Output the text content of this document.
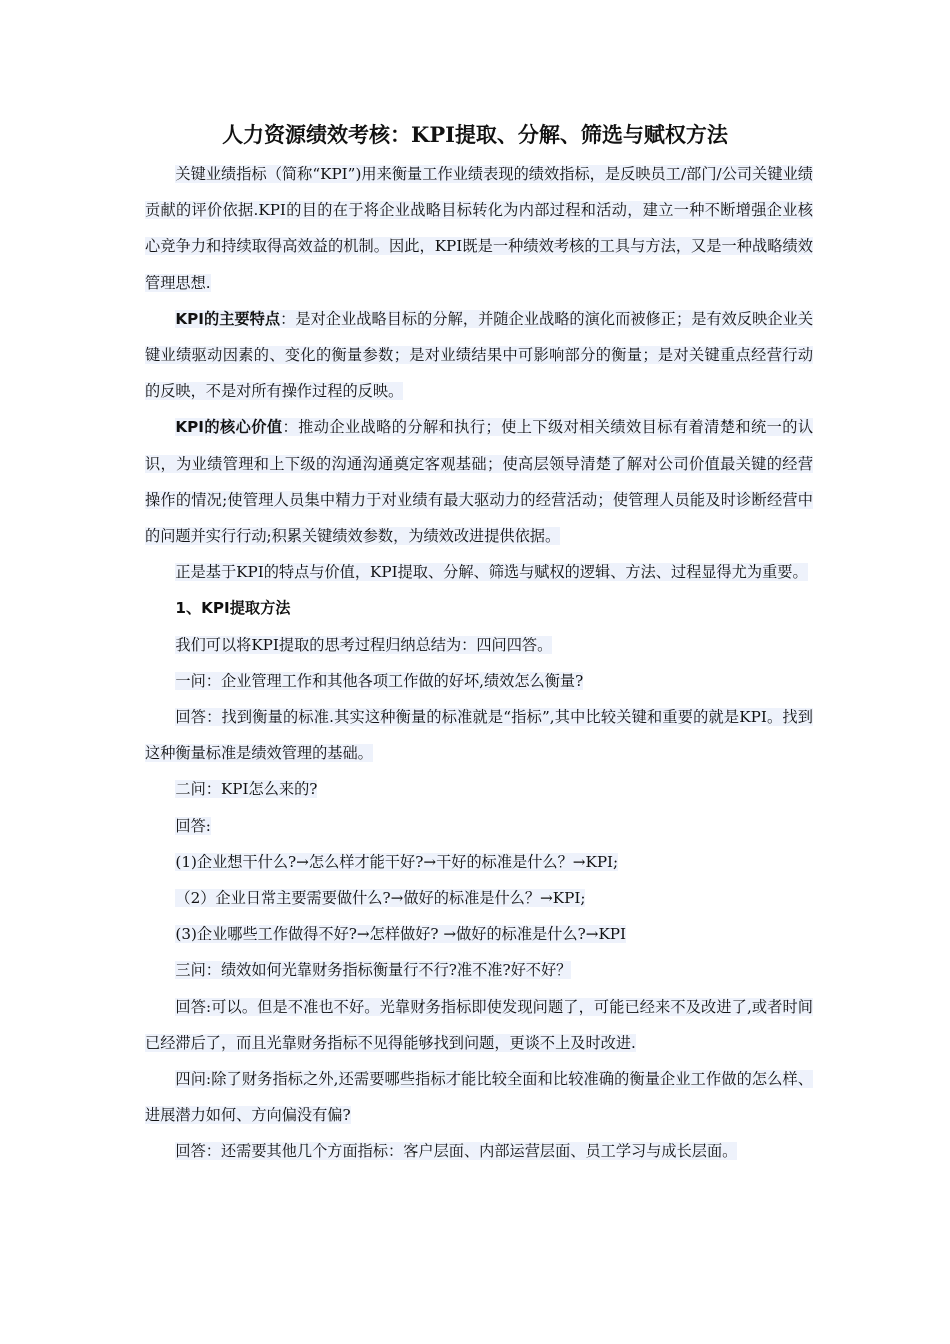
人力资源绩效考核：KPI提取、分解、筛选与赋权方法

关键业绩指标（简称“KPI”)用来衡量工作业绩表现的绩效指标，是反映员工/部门/公司关键业绩贡献的评价依据.KPI的目的在于将企业战略目标转化为内部过程和活动，建立一种不断增强企业核心竞争力和持续取得高效益的机制。因此，KPI既是一种绩效考核的工具与方法，又是一种战略绩效管理思想.

KPI的主要特点：是对企业战略目标的分解，并随企业战略的演化而被修正；是有效反映企业关键业绩驱动因素的、变化的衡量参数；是对业绩结果中可影响部分的衡量；是对关键重点经营行动的反映，不是对所有操作过程的反映。

KPI的核心价值：推动企业战略的分解和执行；使上下级对相关绩效目标有着清楚和统一的认识，为业绩管理和上下级的沟通沟通奠定客观基础；使高层领导清楚了解对公司价值最关键的经营操作的情况;使管理人员集中精力于对业绩有最大驱动力的经营活动；使管理人员能及时诊断经营中的问题并实行行动;积累关键绩效参数，为绩效改进提供依据。

正是基于KPI的特点与价值，KPI提取、分解、筛选与赋权的逻辑、方法、过程显得尤为重要。

1、KPI提取方法

我们可以将KPI提取的思考过程归纳总结为：四问四答。

一问：企业管理工作和其他各项工作做的好坏,绩效怎么衡量?

回答：找到衡量的标准.其实这种衡量的标准就是“指标”,其中比较关键和重要的就是KPI。找到这种衡量标准是绩效管理的基础。

二问：KPI怎么来的?

回答:

(1)企业想干什么?→怎么样才能干好?→干好的标准是什么？→KPI;

（2）企业日常主要需要做什么?→做好的标准是什么？→KPI;

(3)企业哪些工作做得不好?→怎样做好? →做好的标准是什么?→KPI

三问：绩效如何光靠财务指标衡量行不行?准不准?好不好？

回答:可以。但是不准也不好。光靠财务指标即使发现问题了，可能已经来不及改进了,或者时间已经滞后了，而且光靠财务指标不见得能够找到问题，更谈不上及时改进.

四问:除了财务指标之外,还需要哪些指标才能比较全面和比较准确的衡量企业工作做的怎么样、进展潜力如何、方向偏没有偏?

回答：还需要其他几个方面指标：客户层面、内部运营层面、员工学习与成长层面。
